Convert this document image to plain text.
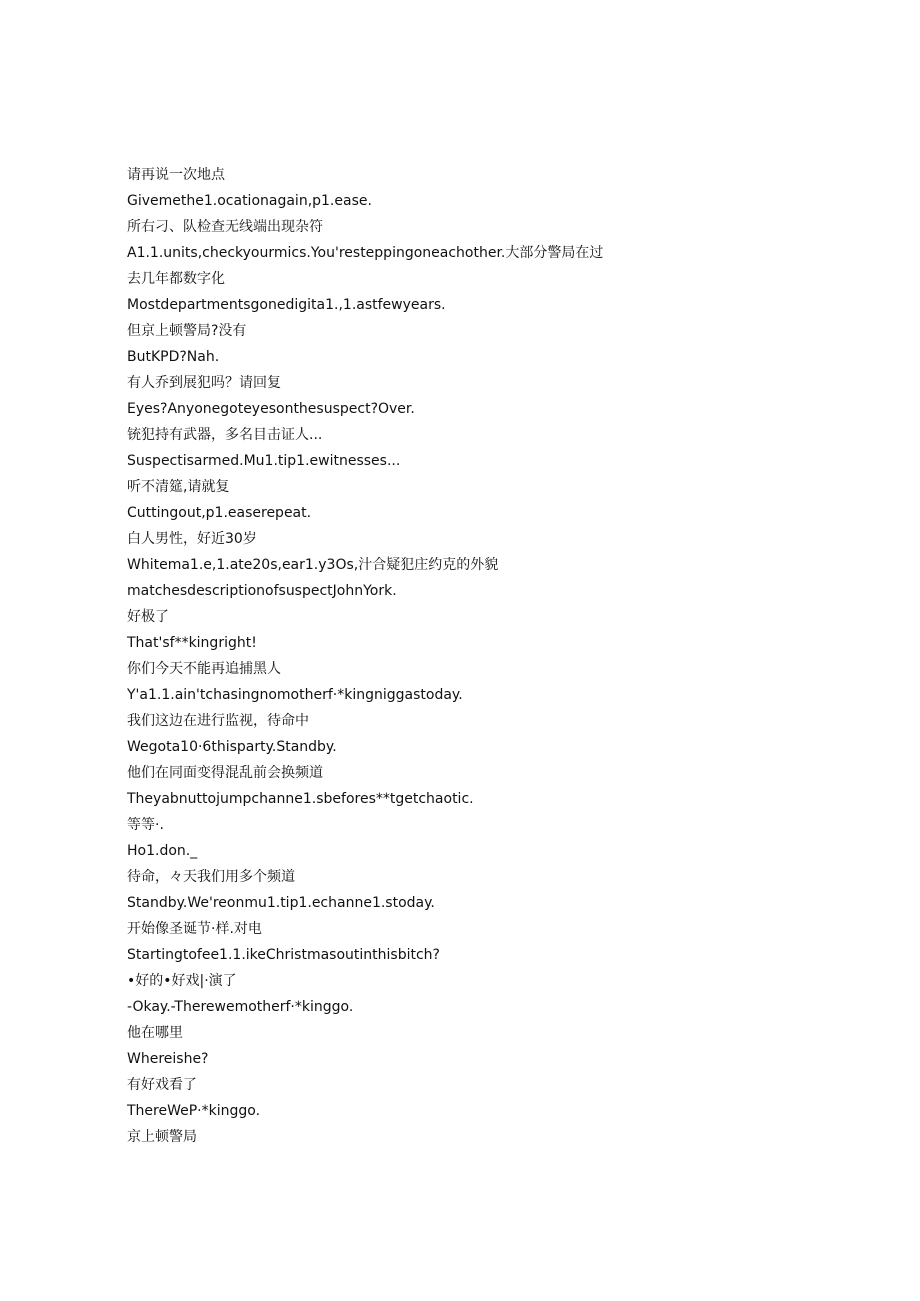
请再说一次地点
Givemethe1.ocationagain,p1.ease.
所右刁、队检查无线端出现杂符
A1.1.units,checkyourmics.You'resteppingoneachother.大部分警局在过
去几年都数字化
Mostdepartmentsgonedigita1.,1.astfewyears.
但京上顿警局?没有
ButKPD?Nah.
有人乔到展犯吗？请回复
Eyes?Anyonegoteyesonthesuspect?Over.
铳犯持有武器，多名目击证人...
Suspectisarmed.Mu1.tip1.ewitnesses...
听不清筵,请就复
Cuttingout,p1.easerepeat.
白人男性，好近30岁
Whitema1.e,1.ate20s,ear1.y3Os,汁合疑犯庄约克的外貌
matchesdescriptionofsuspectJohnYork.
好极了
That'sf**kingright!
你们今天不能再追捕黑人
Y'a1.1.ain'tchasingnomotherf·*kingniggastoday.
我们这边在进行监视，待命中
Wegota10·6thisparty.Standby.
他们在同面变得混乱前会换频道
Theyabnuttojumpchanne1.sbefores**tgetchaotic.
等等·.
Ho1.don._
待命，々天我们用多个频道
Standby.We'reonmu1.tip1.echanne1.stoday.
开始像圣诞节·样.对电
Startingtofee1.1.ikeChristmasoutinthisbitch?
•好的•好戏|·演了
-Okay.-Therewemotherf·*kinggo.
他在哪里
Whereishe?
有好戏看了
ThereWeP·*kinggo.
京上顿警局
